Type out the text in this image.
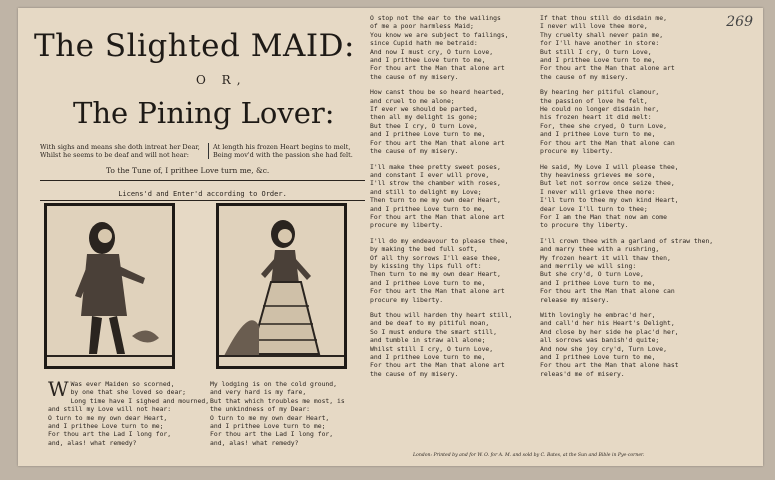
269
The Slighted MAID:
O R,
The Pining Lover:
With sighs and means she doth intreat her Dear,
Whilst he seems to be deaf and will not hear:
At length his frozen Heart begins to melt,
Being mov'd with the passion she had felt.
To the Tune of, I prithee Love turn me, &c.
Licens'd and Enter'd according to Order.
W Was ever Maiden so scorned,
by one that she loved so dear;
Long time have I sighed and mourned,
and still my Love will not hear:
O turn to me my own dear Heart,
and I prithee Love turn to me;
For thou art the Lad I long for,
and, alas! what remedy?
My lodging is on the cold ground,
and very hard is my fare,
But that which troubles me most, is
the unkindness of my Dear:
O turn to me my own dear Heart,
and I prithee Love turn to me;
For thou art the Lad I long for,
and, alas! what remedy?
O stop not the ear to the wailings
of me a poor harmless Maid;
You know we are subject to failings,
since Cupid hath me betraid:
And now I must cry, O turn Love,
and I prithee Love turn to me,
For thou art the Man that alone art
the cause of my misery.
How canst thou be so heard hearted,
and cruel to me alone;
If ever we should be parted,
then all my delight is gone;
But thee I cry, O turn Love,
and I prithee Love turn to me,
For thou art the Man that alone art
the cause of my misery.
I'll make thee pretty sweet poses,
and constant I ever will prove,
I'll strow the chamber with roses,
and still to delight my Love;
Then turn to me my own dear Heart,
and I prithee Love turn to me,
For thou art the Man that alone art
procure my liberty.
I'll do my endeavour to please thee,
by making the bed full soft,
Of all thy sorrows I'll ease thee,
by kissing thy lips full oft:
Then turn to me my own dear Heart,
and I prithee Love turn to me,
For thou art the Man that alone art
procure my liberty.
But thou will harden thy heart still,
and be deaf to my pitiful moan,
So I must endure the smart still,
and tumble in straw all alone;
Whilst still I cry, O turn Love,
and I prithee Love turn to me,
For thou art the Man that alone art
the cause of my misery.
If that thou still do disdain me,
I never will love thee more,
Thy cruelty shall never pain me,
for I'll have another in store:
But still I cry, O turn Love,
and I prithee Love turn to me,
For thou art the Man that alone art
the cause of my misery.
By hearing her pitiful clamour,
the passion of love he felt,
He could no longer disdain her,
his frozen heart it did melt:
For, thee she cryed, O turn Love,
and I prithee Love turn to me,
For thou art the Man that alone can
procure my liberty.
He said, My Love I will please thee,
thy heaviness grieves me sore,
But let not sorrow once seize thee,
I never will grieve thee more:
I'll turn to thee my own kind Heart,
dear Love I'll turn to thee;
For I am the Man that now am come
to procure thy liberty.
I'll crown thee with a garland of straw then,
and marry thee with a rushring,
My frozen heart it will thaw then,
and merrily we will sing:
But she cry'd, O turn Love,
and I prithee Love turn to me,
For thou art the Man that alone can
release my misery.
With lovingly he embrac'd her,
and call'd her his Heart's Delight,
And close by her side he plac'd her,
all sorrows was banish'd quite;
And now she joy cry'd, Turn Love,
and I prithee Love turn to me,
For thou art the Man that alone hast
releas'd me of misery.
London: Printed by and for W. O. for A. M. and sold by C. Bates, at the Sun and Bible in Pye-corner.
